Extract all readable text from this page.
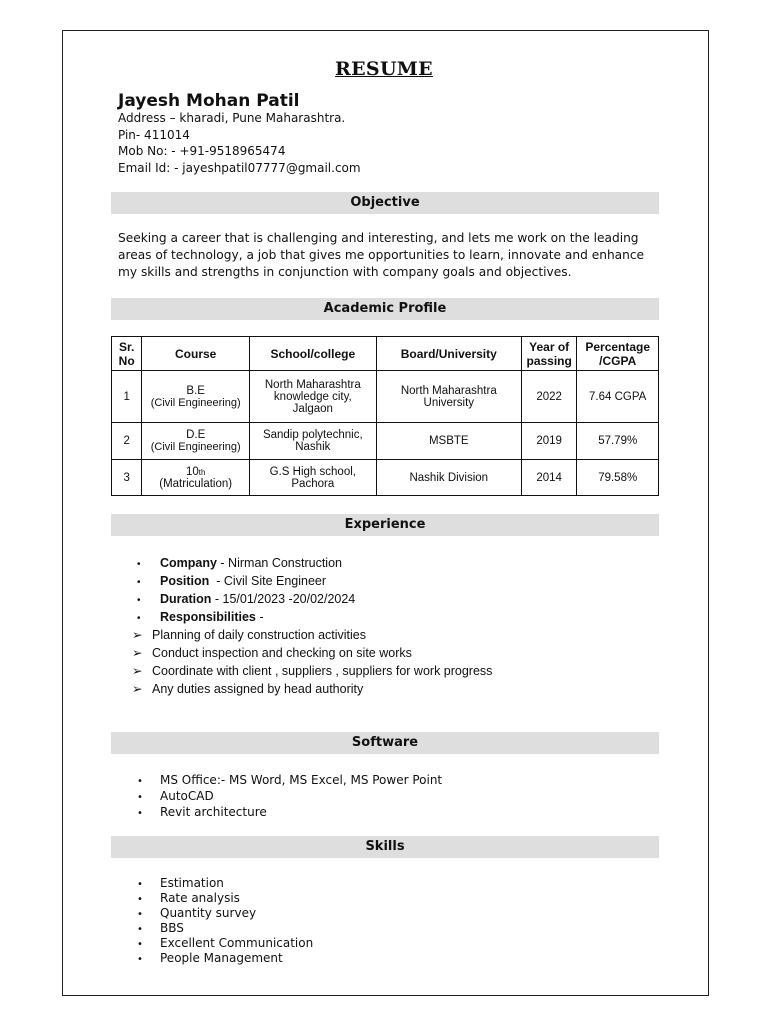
RESUME
Jayesh Mohan Patil
Address – kharadi, Pune Maharashtra.
Pin- 411014
Mob No: - +91-9518965474
Email Id: - jayeshpatil07777@gmail.com
Objective
Seeking a career that is challenging and interesting, and lets me work on the leading areas of technology, a job that gives me opportunities to learn, innovate and enhance my skills and strengths in conjunction with company goals and objectives.
Academic Profile
Sr.
No	Course	School/college	Board/University	Year of
passing	Percentage
/CGPA
1	B.E
(Civil Engineering)	North Maharashtra
knowledge city,
Jalgaon	North Maharashtra
University	2022	7.64 CGPA
2	D.E
(Civil Engineering)	Sandip polytechnic,
Nashik	MSBTE	2019	57.79%
3	10th
(Matriculation)	G.S High school,
Pachora	Nashik Division	2014	79.58%
Experience
• Company - Nirman Construction
• Position  - Civil Site Engineer
• Duration - 15/01/2023 -20/02/2024
• Responsibilities -
➢ Planning of daily construction activities
➢ Conduct inspection and checking on site works
➢ Coordinate with client , suppliers , suppliers for work progress
➢ Any duties assigned by head authority
Software
• MS Office:- MS Word, MS Excel, MS Power Point
• AutoCAD
• Revit architecture
Skills
• Estimation
• Rate analysis
• Quantity survey
• BBS
• Excellent Communication
• People Management
